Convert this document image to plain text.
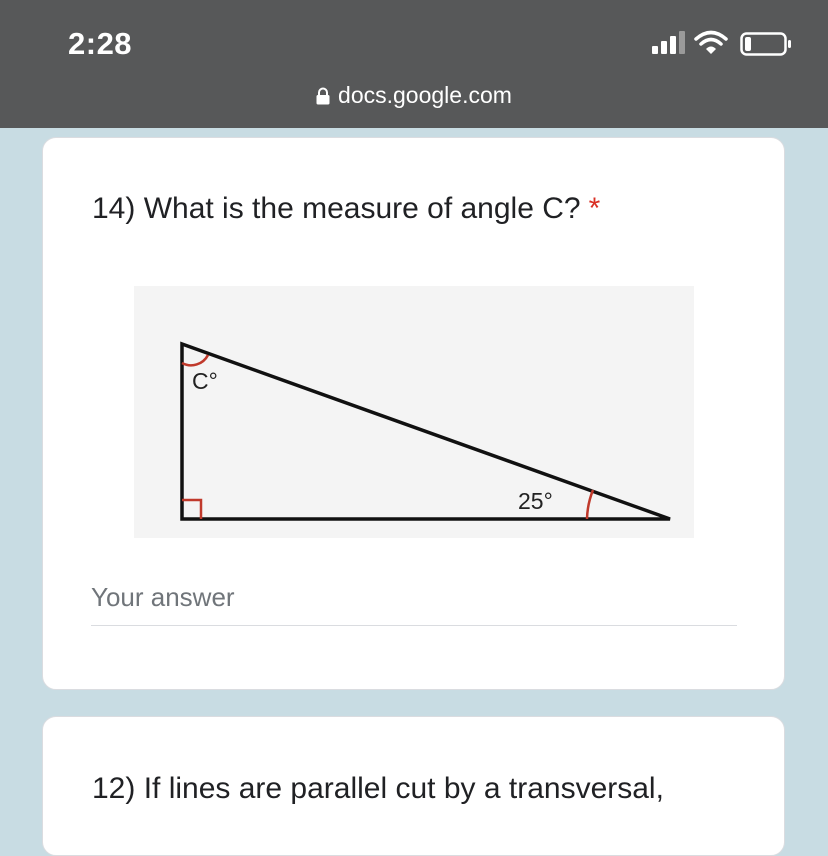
2:28
docs.google.com
14) What is the measure of angle C? *
C°
25°
Your answer
12) If lines are parallel cut by a transversal,
